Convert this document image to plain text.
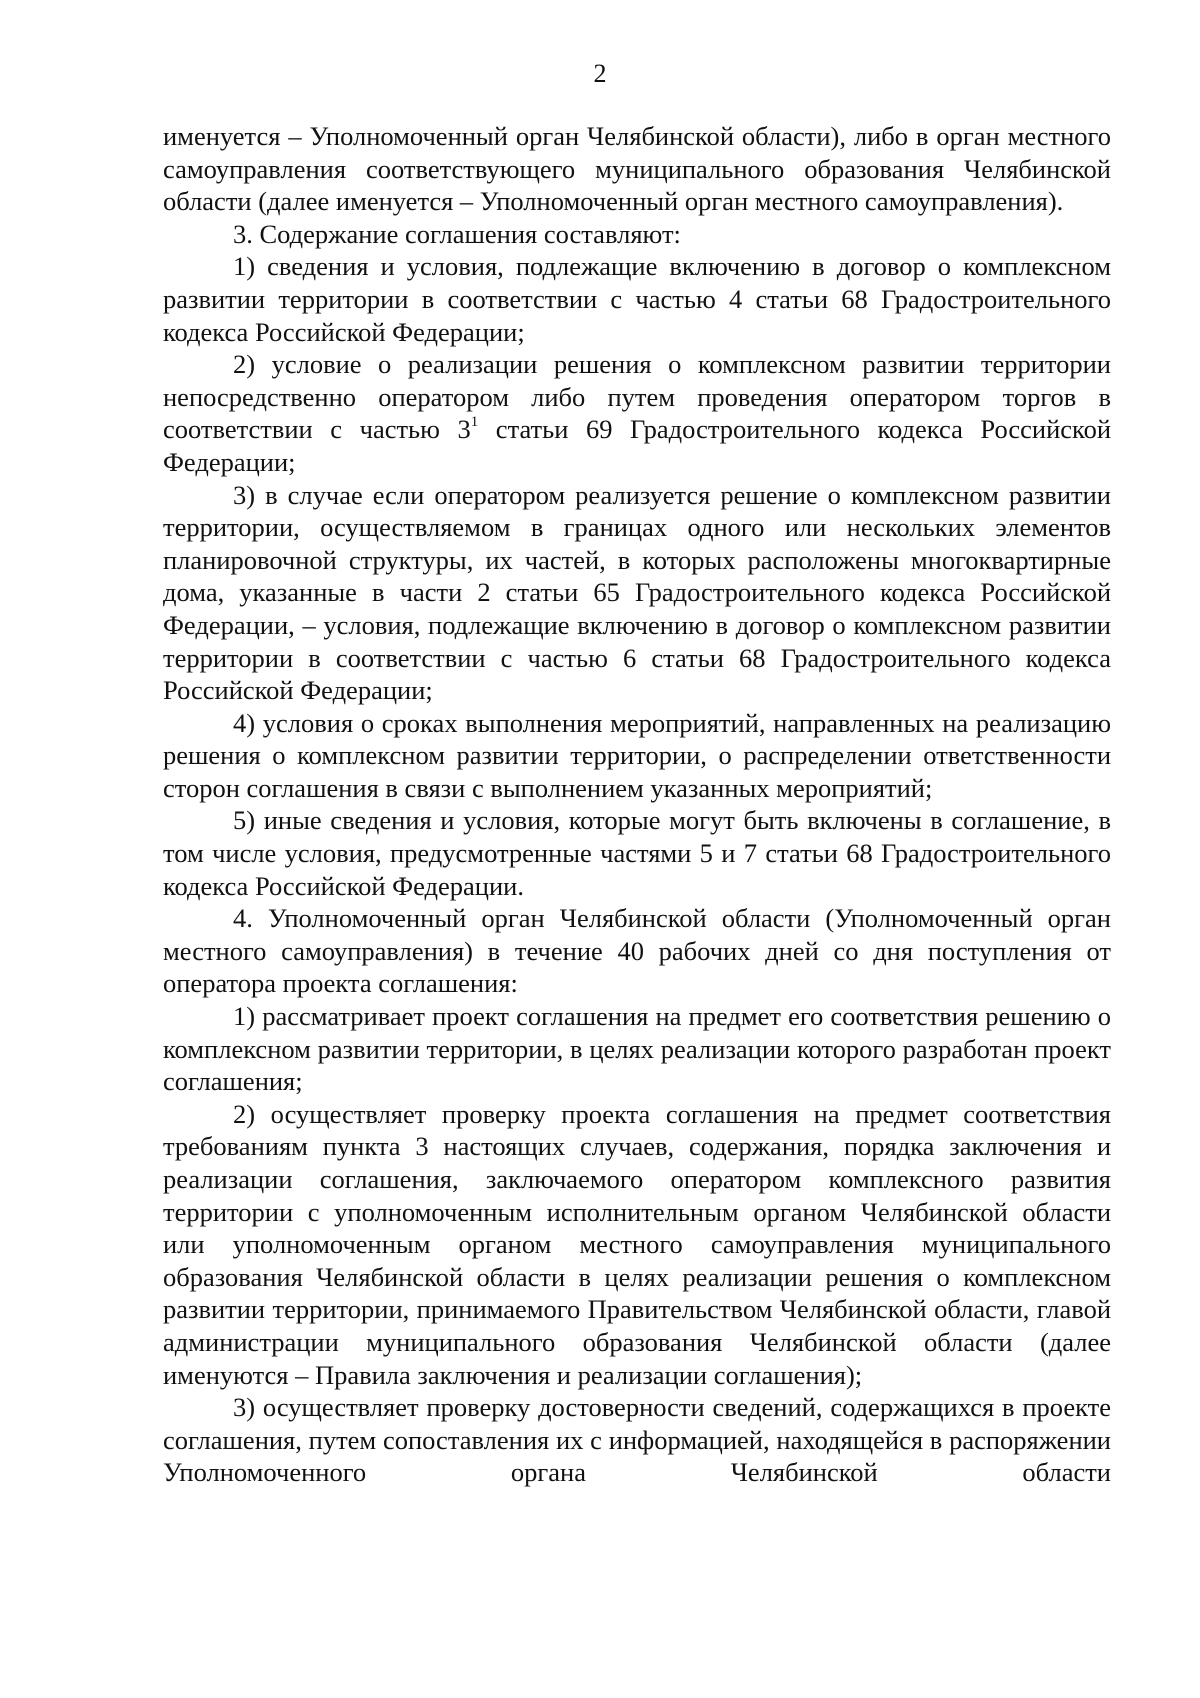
2

именуется – Уполномоченный орган Челябинской области), либо в орган местного самоуправления соответствующего муниципального образования Челябинской области (далее именуется – Уполномоченный орган местного самоуправления).

3. Содержание соглашения составляют:

1) сведения и условия, подлежащие включению в договор о комплексном развитии территории в соответствии с частью 4 статьи 68 Градостроительного кодекса Российской Федерации;

2) условие о реализации решения о комплексном развитии территории непосредственно оператором либо путем проведения оператором торгов в соответствии с частью $3^1$ статьи 69 Градостроительного кодекса Российской Федерации;

3) в случае если оператором реализуется решение о комплексном развитии территории, осуществляемом в границах одного или нескольких элементов планировочной структуры, их частей, в которых расположены многоквартирные дома, указанные в части 2 статьи 65 Градостроительного кодекса Российской Федерации, – условия, подлежащие включению в договор о комплексном развитии территории в соответствии с частью 6 статьи 68 Градостроительного кодекса Российской Федерации;

4) условия о сроках выполнения мероприятий, направленных на реализацию решения о комплексном развитии территории, о распределении ответственности сторон соглашения в связи с выполнением указанных мероприятий;

5) иные сведения и условия, которые могут быть включены в соглашение, в том числе условия, предусмотренные частями 5 и 7 статьи 68 Градостроительного кодекса Российской Федерации.

4. Уполномоченный орган Челябинской области (Уполномоченный орган местного самоуправления) в течение 40 рабочих дней со дня поступления от оператора проекта соглашения:

1) рассматривает проект соглашения на предмет его соответствия решению о комплексном развитии территории, в целях реализации которого разработан проект соглашения;

2) осуществляет проверку проекта соглашения на предмет соответствия требованиям пункта 3 настоящих случаев, содержания, порядка заключения и реализации соглашения, заключаемого оператором комплексного развития территории с уполномоченным исполнительным органом Челябинской области или уполномоченным органом местного самоуправления муниципального образования Челябинской области в целях реализации решения о комплексном развитии территории, принимаемого Правительством Челябинской области, главой администрации муниципального образования Челябинской области (далее именуются – Правила заключения и реализации соглашения);

3) осуществляет проверку достоверности сведений, содержащихся в проекте соглашения, путем сопоставления их с информацией, находящейся в распоряжении Уполномоченного органа Челябинской области
